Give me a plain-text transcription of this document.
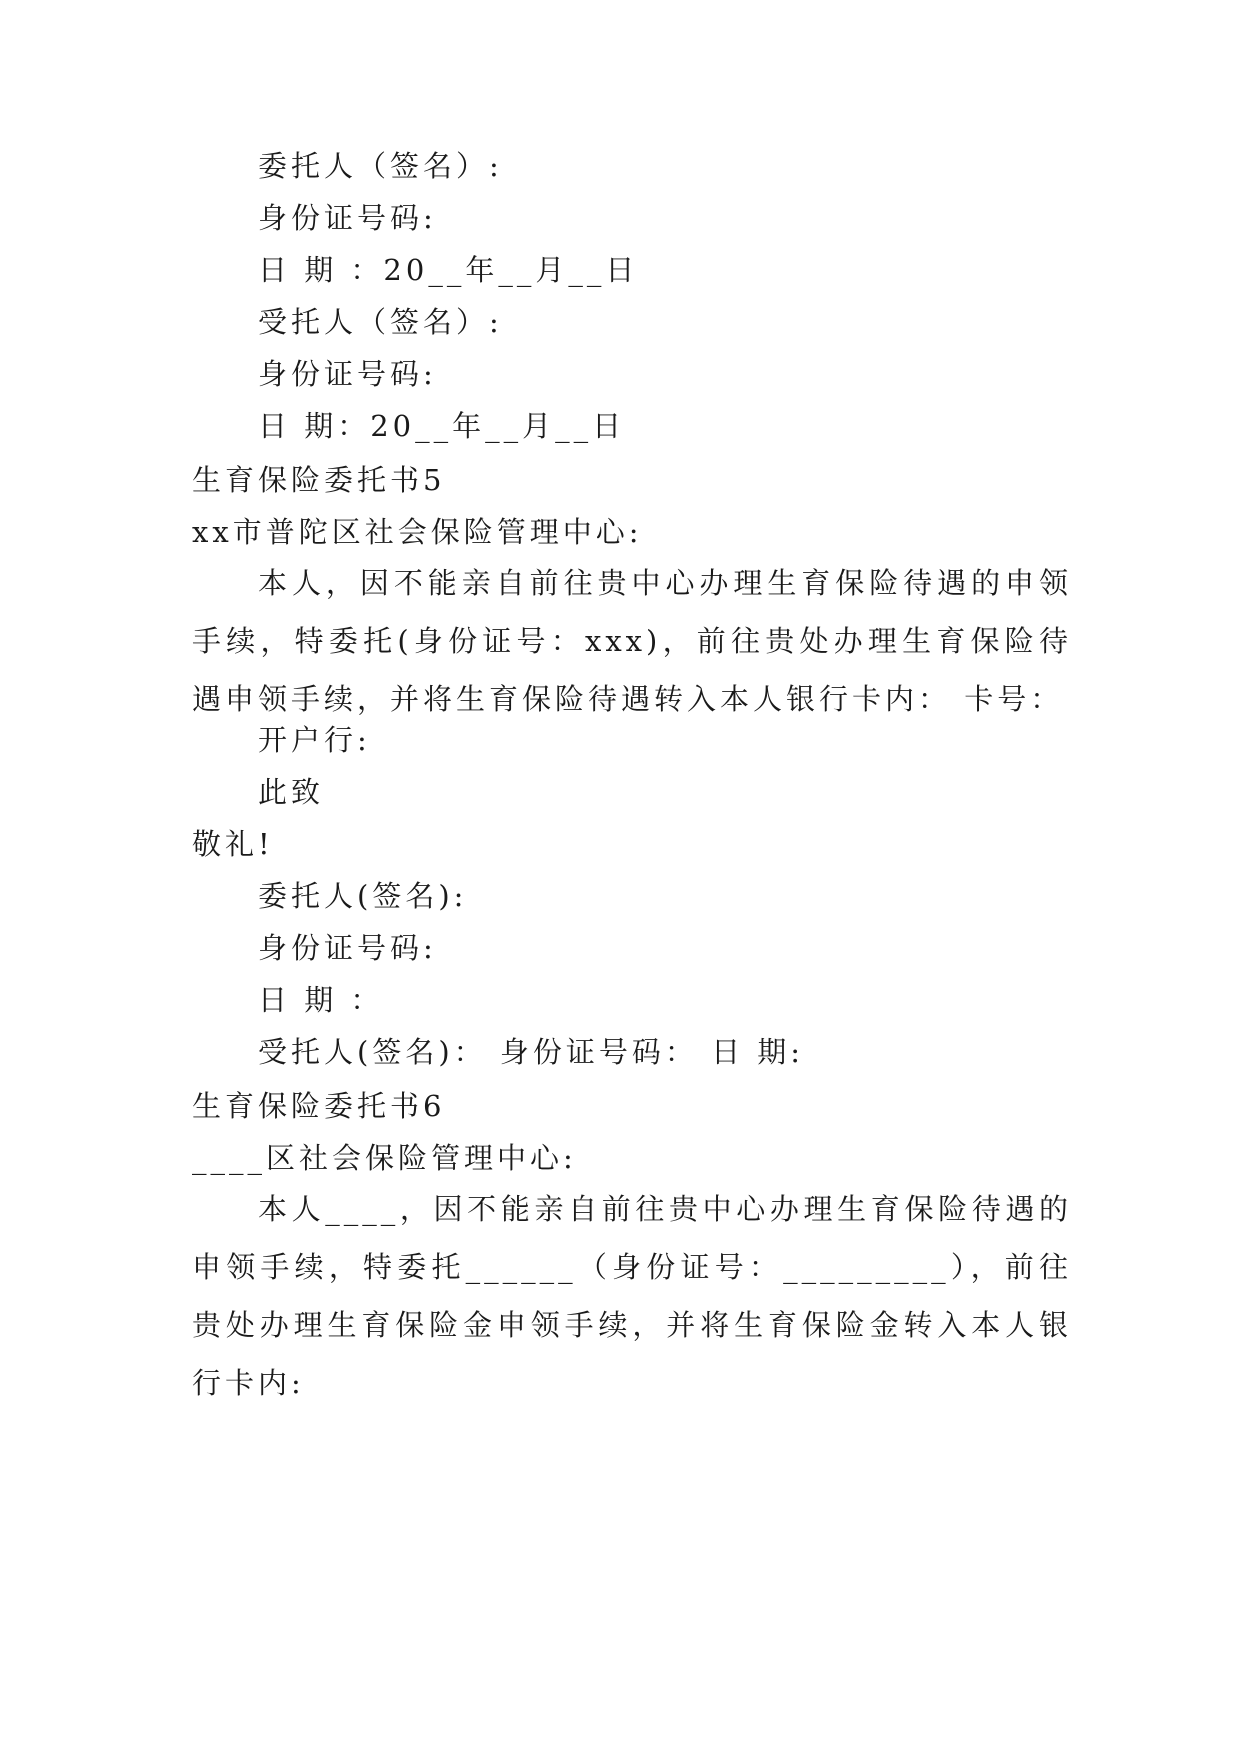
委托人（签名）:
身份证号码:
日 期 ：20__年__月__日
受托人（签名）:
身份证号码:
日 期：20__年__月__日
生育保险委托书5
xx市普陀区社会保险管理中心:
本人，因不能亲自前往贵中心办理生育保险待遇的申领手续，特委托(身份证号：xxx)，前往贵处办理生育保险待遇申领手续，并将生育保险待遇转入本人银行卡内： 卡号：
开户行:
此致
敬礼!
委托人(签名):
身份证号码:
日 期 ：
受托人(签名)： 身份证号码： 日 期:
生育保险委托书6
____区社会保险管理中心:
本人____，因不能亲自前往贵中心办理生育保险待遇的申领手续，特委托______（身份证号：_________），前往贵处办理生育保险金申领手续，并将生育保险金转入本人银行卡内:
